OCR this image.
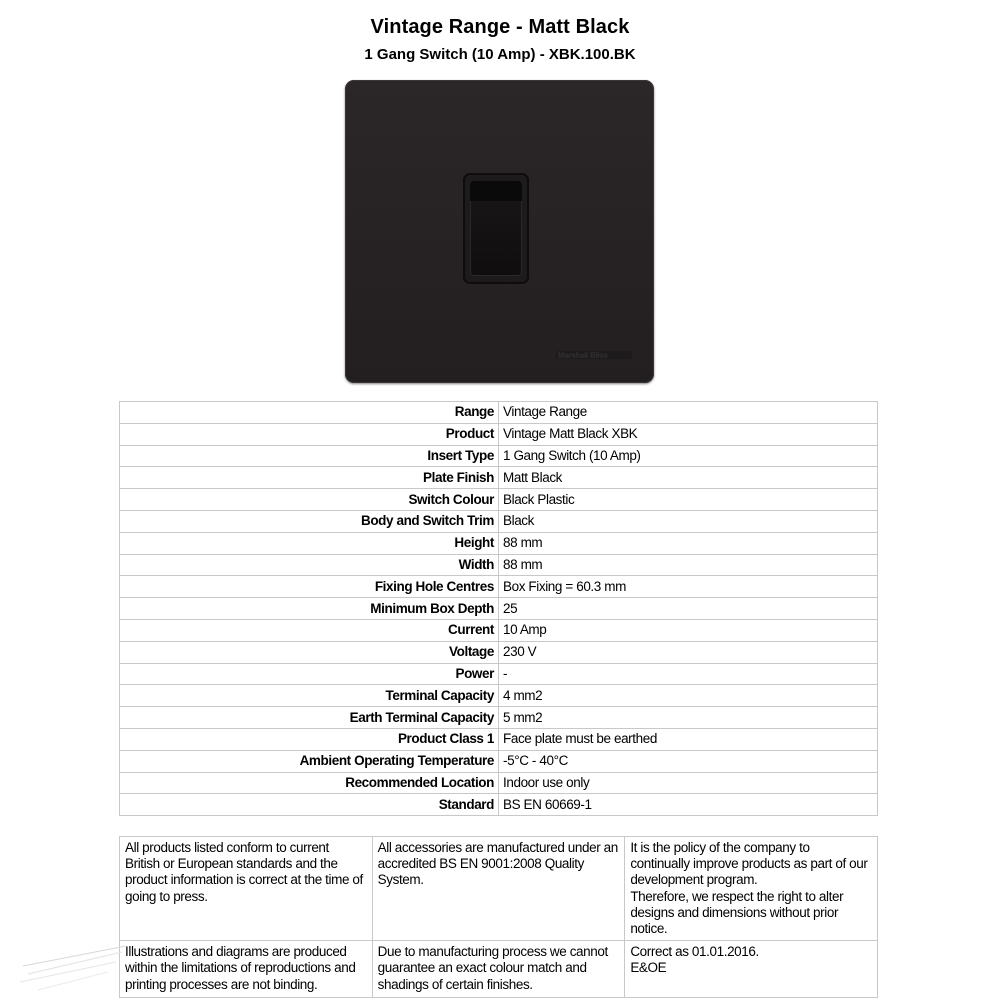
Vintage Range - Matt Black
1 Gang Switch (10 Amp) - XBK.100.BK
Marshall Bliss
Range	Vintage Range
Product	Vintage Matt Black XBK
Insert Type	1 Gang Switch (10 Amp)
Plate Finish	Matt Black
Switch Colour	Black Plastic
Body and Switch Trim	Black
Height	88 mm
Width	88 mm
Fixing Hole Centres	Box Fixing = 60.3 mm
Minimum Box Depth	25
Current	10 Amp
Voltage	230 V
Power	-
Terminal Capacity	4 mm2
Earth Terminal Capacity	5 mm2
Product Class 1	Face plate must be earthed
Ambient Operating Temperature	-5°C - 40°C
Recommended Location	Indoor use only
Standard	BS EN 60669-1
All products listed conform to current British or European standards and the product information is correct at the time of going to press.	All accessories are manufactured under an accredited BS EN 9001:2008 Quality System.	It is the policy of the company to continually improve products as part of our development program.
Therefore, we respect the right to alter designs and dimensions without prior notice.
Illustrations and diagrams are produced within the limitations of reproductions and printing processes are not binding.	Due to manufacturing process we cannot guarantee an exact colour match and shadings of certain finishes.	Correct as 01.01.2016.
E&OE
